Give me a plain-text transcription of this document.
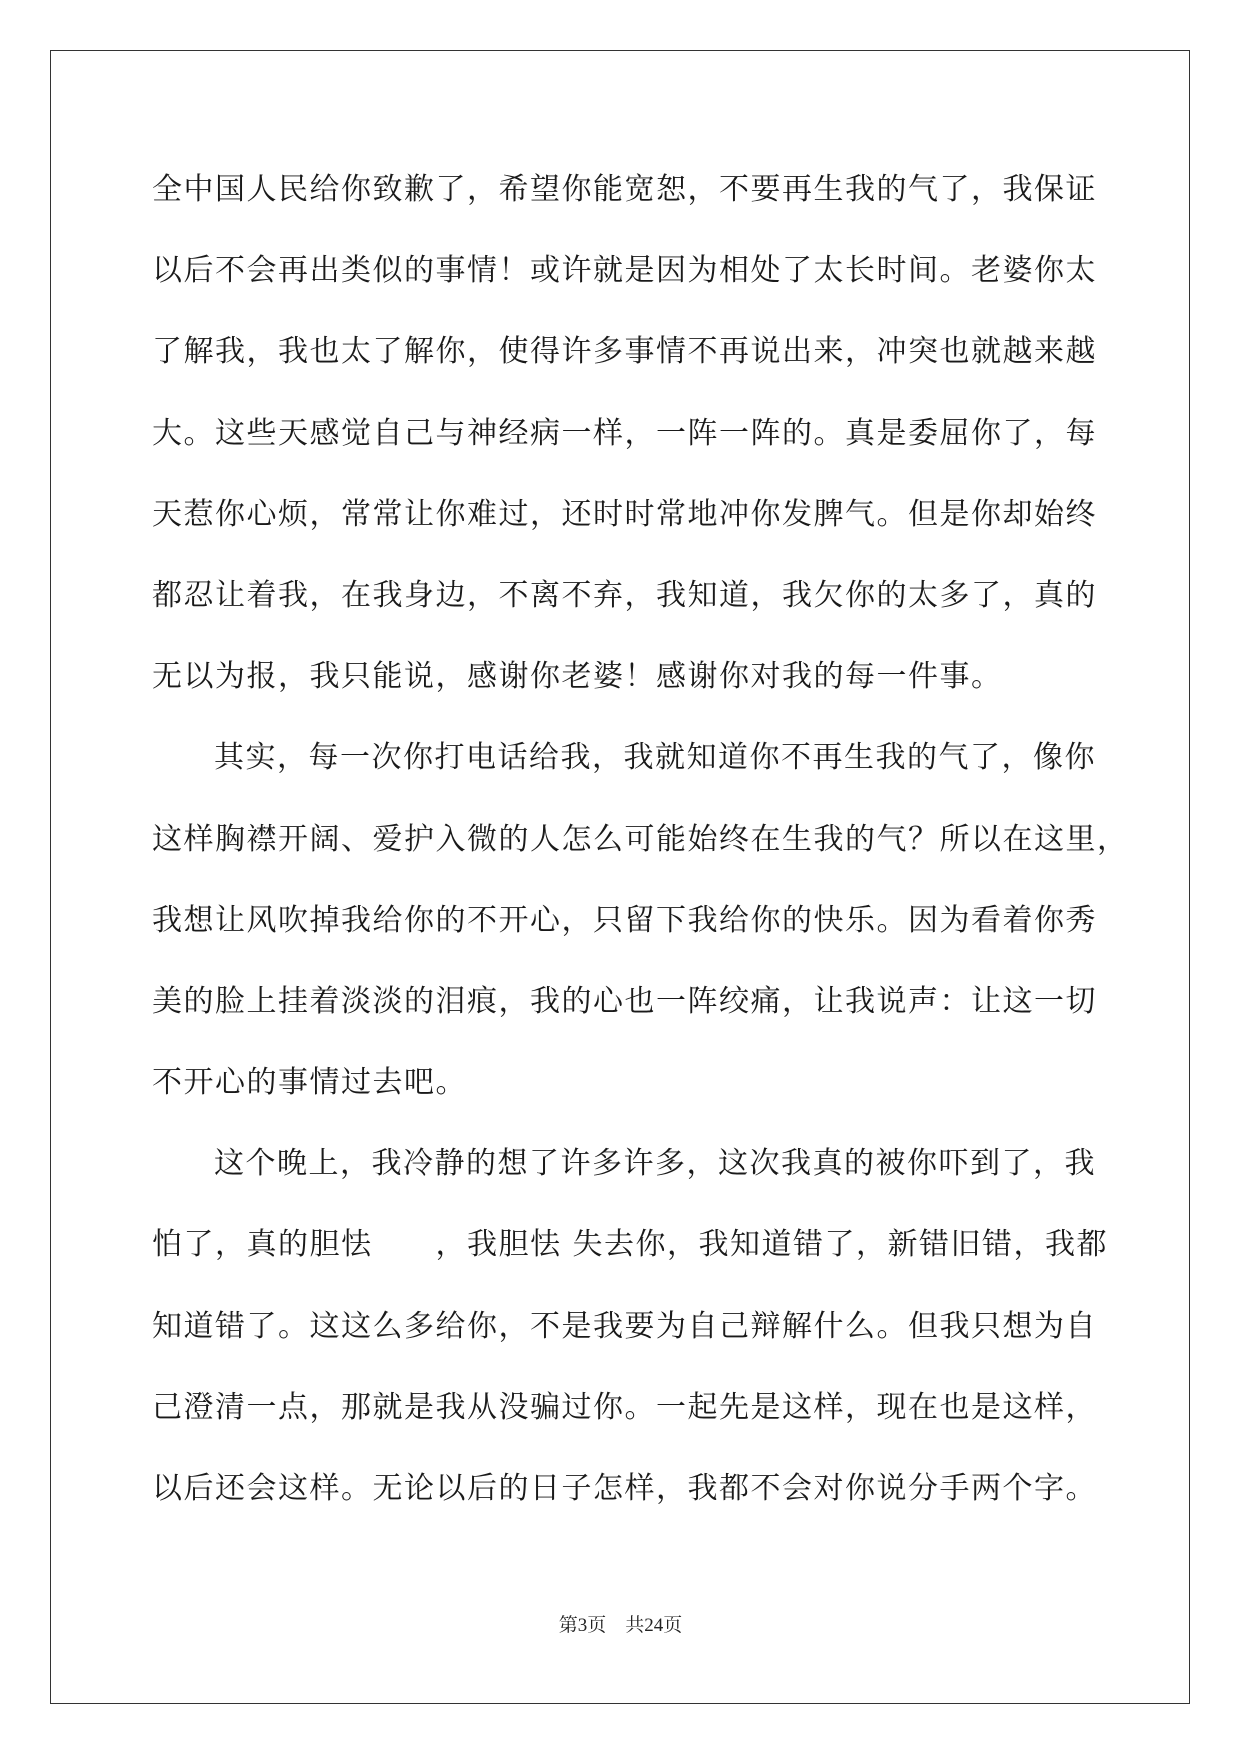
全中国人民给你致歉了，希望你能宽恕，不要再生我的气了，我保证
以后不会再出类似的事情！或许就是因为相处了太长时间。老婆你太
了解我，我也太了解你，使得许多事情不再说出来，冲突也就越来越
大。这些天感觉自己与神经病一样，一阵一阵的。真是委屈你了，每
天惹你心烦，常常让你难过，还时时常地冲你发脾气。但是你却始终
都忍让着我，在我身边，不离不弃，我知道，我欠你的太多了，真的
无以为报，我只能说，感谢你老婆！感谢你对我的每一件事。
其实，每一次你打电话给我，我就知道你不再生我的气了，像你
这样胸襟开阔、爱护入微的人怎么可能始终在生我的气？所以在这里，
我想让风吹掉我给你的不开心，只留下我给你的快乐。因为看着你秀
美的脸上挂着淡淡的泪痕，我的心也一阵绞痛，让我说声：让这一切
不开心的事情过去吧。
这个晚上，我冷静的想了许多许多，这次我真的被你吓到了，我
怕了，真的胆怯　　，我胆怯 失去你，我知道错了，新错旧错，我都
知道错了。这这么多给你，不是我要为自己辩解什么。但我只想为自
己澄清一点，那就是我从没骗过你。一起先是这样，现在也是这样，
以后还会这样。无论以后的日子怎样，我都不会对你说分手两个字。
第3页　共24页
